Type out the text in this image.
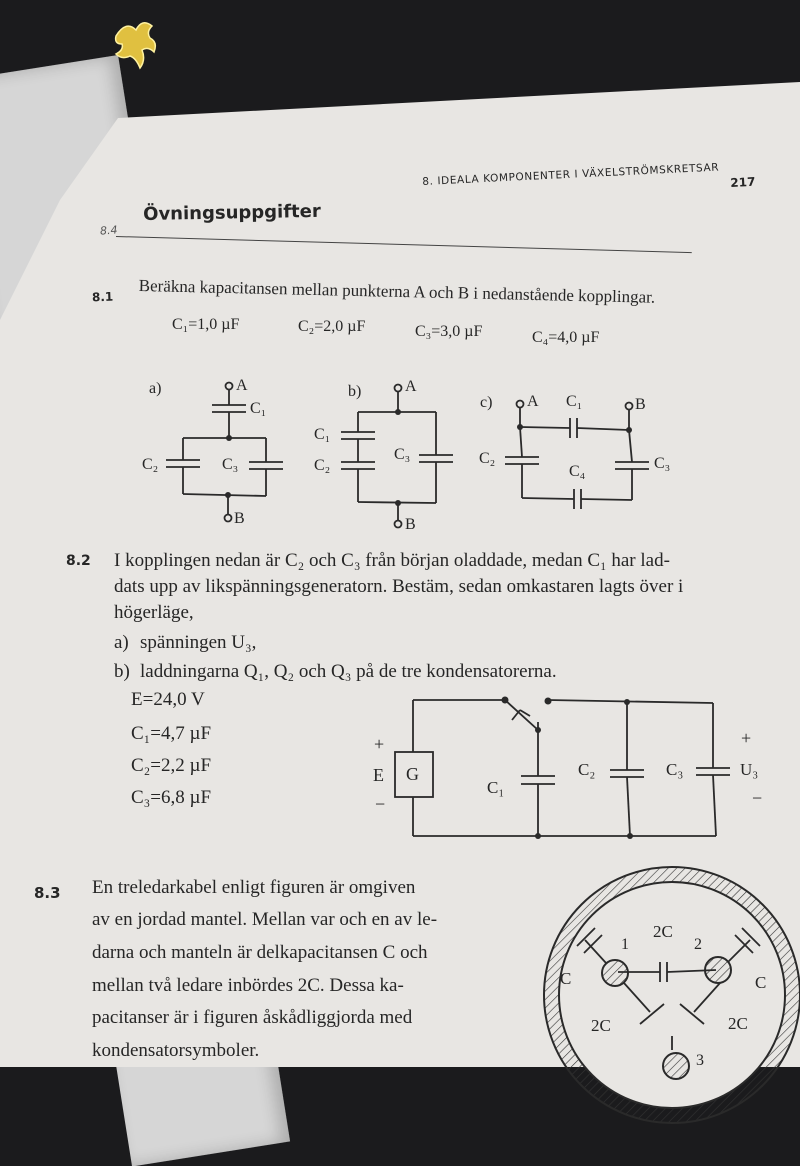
8. IDEALA KOMPONENTER I VÄXELSTRÖMSKRETSAR 217
8.4
Övningsuppgifter
8.1 Beräkna kapacitansen mellan punkterna A och B i nedanstående kopplingar.
C₁=1,0 µF	C₂=2,0 µF	C₃=3,0 µF	C₄=4,0 µF
a)	A
C₁
C₂	C₃
B
b)	A
C₁
C₂
C₃
B
c) A C₁	B
C₂
C₄	C₃
8.2 I kopplingen nedan är C₂ och C₃ från början oladdade, medan C₁ har lad-
dats upp av likspänningsgeneratorn. Bestäm, sedan omkastaren lagts över i
högerläge,
a) spänningen U₃,
b) laddningarna Q₁, Q₂ och Q₃ på de tre kondensatorerna.
E=24,0 V
C₁=4,7 µF
C₂=2,2 µF
C₃=6,8 µF
+
E G
−
C₁
C₂	C₃
+
U₃
−
8.3 En treledarkabel enligt figuren är omgiven
av en jordad mantel. Mellan var och en av le-
darna och manteln är delkapacitansen C och
mellan två ledare inbördes 2C. Dessa ka-
pacitanser är i figuren åskådliggjorda med
kondensatorsymboler.
1	2
3
2C
C	C
2C	2C
